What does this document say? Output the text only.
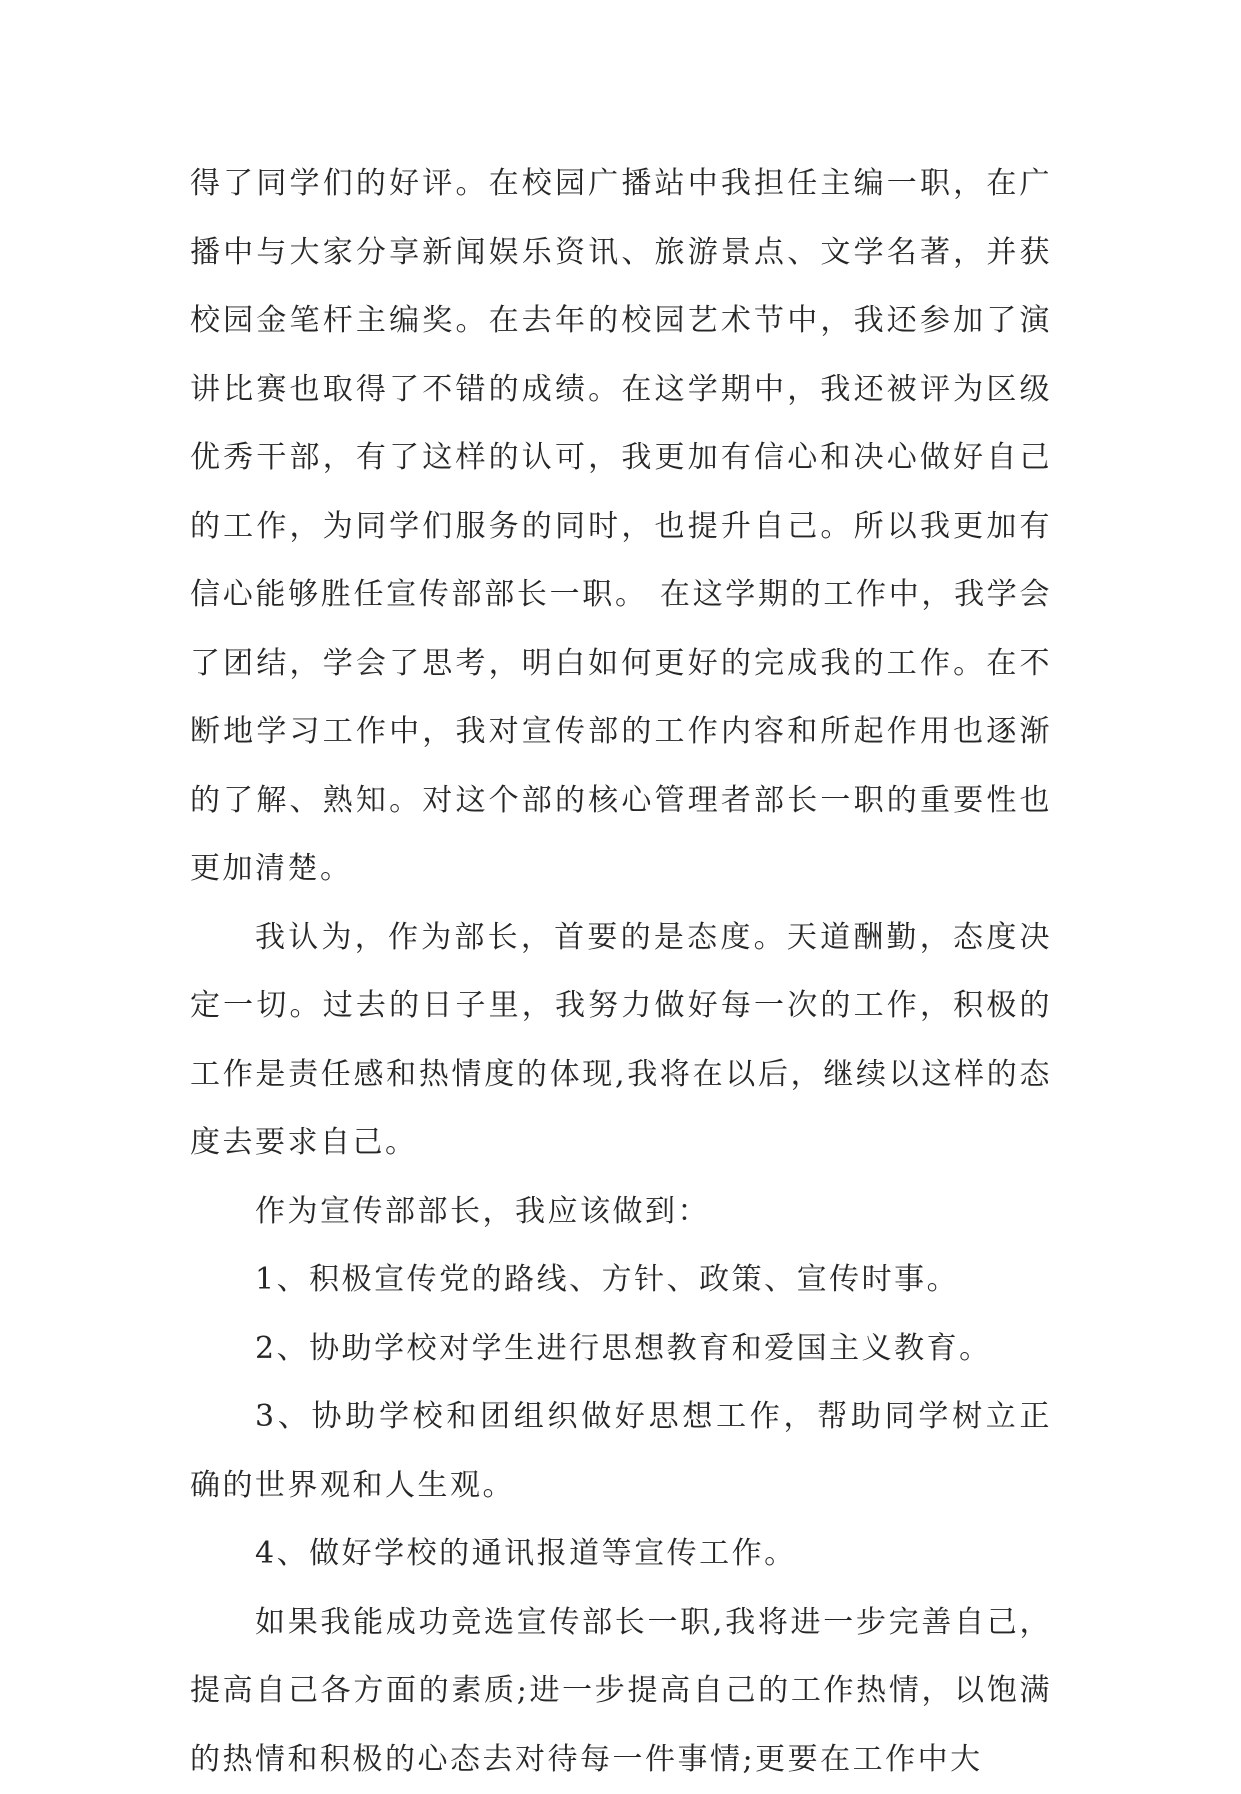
得了同学们的好评。在校园广播站中我担任主编一职，在广播中与大家分享新闻娱乐资讯、旅游景点、文学名著，并获校园金笔杆主编奖。在去年的校园艺术节中，我还参加了演讲比赛也取得了不错的成绩。在这学期中，我还被评为区级优秀干部，有了这样的认可，我更加有信心和决心做好自己的工作，为同学们服务的同时，也提升自己。所以我更加有信心能够胜任宣传部部长一职。 在这学期的工作中，我学会了团结，学会了思考，明白如何更好的完成我的工作。在不断地学习工作中，我对宣传部的工作内容和所起作用也逐渐的了解、熟知。对这个部的核心管理者部长一职的重要性也更加清楚。

我认为，作为部长，首要的是态度。天道酬勤，态度决定一切。过去的日子里，我努力做好每一次的工作，积极的工作是责任感和热情度的体现,我将在以后，继续以这样的态度去要求自己。

作为宣传部部长，我应该做到：

1、积极宣传党的路线、方针、政策、宣传时事。

2、协助学校对学生进行思想教育和爱国主义教育。

3、协助学校和团组织做好思想工作，帮助同学树立正确的世界观和人生观。

4、做好学校的通讯报道等宣传工作。

如果我能成功竞选宣传部长一职,我将进一步完善自己，提高自己各方面的素质;进一步提高自己的工作热情，以饱满的热情和积极的心态去对待每一件事情;更要在工作中大
